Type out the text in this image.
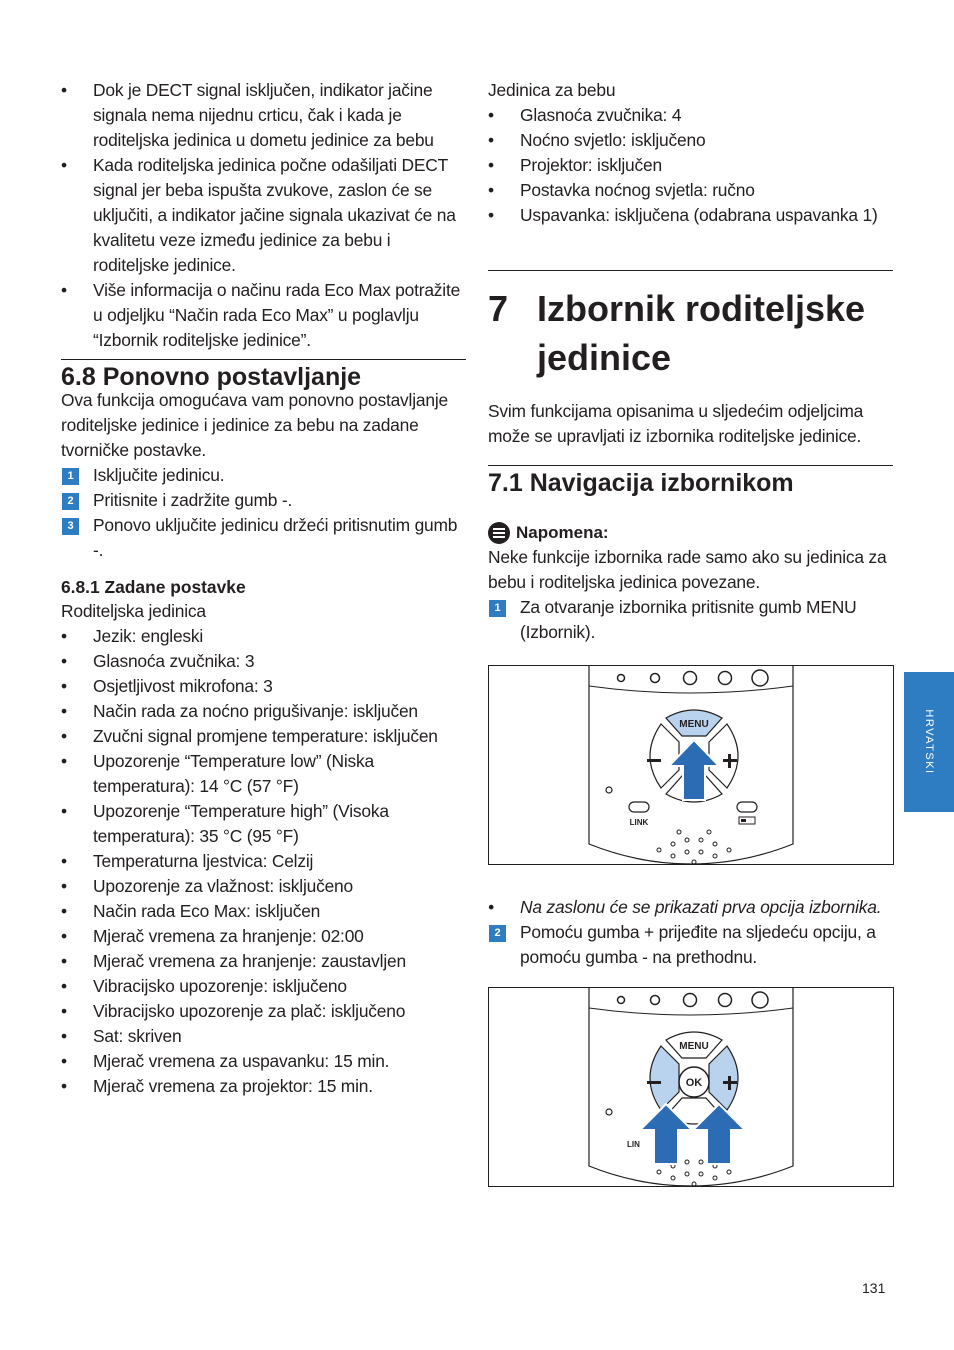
• Dok je DECT signal isključen, indikator jačine signala nema nijednu crticu, čak i kada je roditeljska jedinica u dometu jedinice za bebu
• Kada roditeljska jedinica počne odašiljati DECT signal jer beba ispušta zvukove, zaslon će se uključiti, a indikator jačine signala ukazivat će na kvalitetu veze između jedinice za bebu i roditeljske jedinice.
• Više informacija o načinu rada Eco Max potražite u odjeljku “Način rada Eco Max” u poglavlju “Izbornik roditeljske jedinice”.
6.8 Ponovno postavljanje

Ova funkcija omogućava vam ponovno postavljanje roditeljske jedinice i jedinice za bebu na zadane tvorničke postavke.

1	Isključite jedinicu.
2	Pritisnite i zadržite gumb -.
3	Ponovo uključite jedinicu držeći pritisnutim gumb -.
6.8.1 Zadane postavke

Roditeljska jedinica

• Jezik: engleski
• Glasnoća zvučnika: 3
• Osjetljivost mikrofona: 3
• Način rada za noćno prigušivanje: isključen
• Zvučni signal promjene temperature: isključen
• Upozorenje “Temperature low” (Niska temperatura): 14 °C (57 °F)
• Upozorenje “Temperature high” (Visoka temperatura): 35 °C (95 °F)
• Temperaturna ljestvica: Celzij
• Upozorenje za vlažnost: isključeno
• Način rada Eco Max: isključen
• Mjerač vremena za hranjenje: 02:00
• Mjerač vremena za hranjenje: zaustavljen
• Vibracijsko upozorenje: isključeno
• Vibracijsko upozorenje za plač: isključeno
• Sat: skriven
• Mjerač vremena za uspavanku: 15 min.
• Mjerač vremena za projektor: 15 min.

Jedinica za bebu

• Glasnoća zvučnika: 4
• Noćno svjetlo: isključeno
• Projektor: isključen
• Postavka noćnog svjetla: ručno
• Uspavanka: isključena (odabrana uspavanka 1)
7 Izbornik roditeljske jedinice

Svim funkcijama opisanima u sljedećim odjeljcima može se upravljati iz izbornika roditeljske jedinice.

7.1 Navigacija izbornikom
Napomena:

Neke funkcije izbornika rade samo ako su jedinica za bebu i roditeljska jedinica povezane.

1	Za otvaranje izbornika pritisnite gumb MENU (Izbornik).
MENU
LINK
• Na zaslonu će se prikazati prva opcija izbornika.
2	Pomoću gumba + prijeđite na sljedeću opciju, a pomoću gumba - na prethodnu.
MENU
OK
LIN
HRVATSKI
131
